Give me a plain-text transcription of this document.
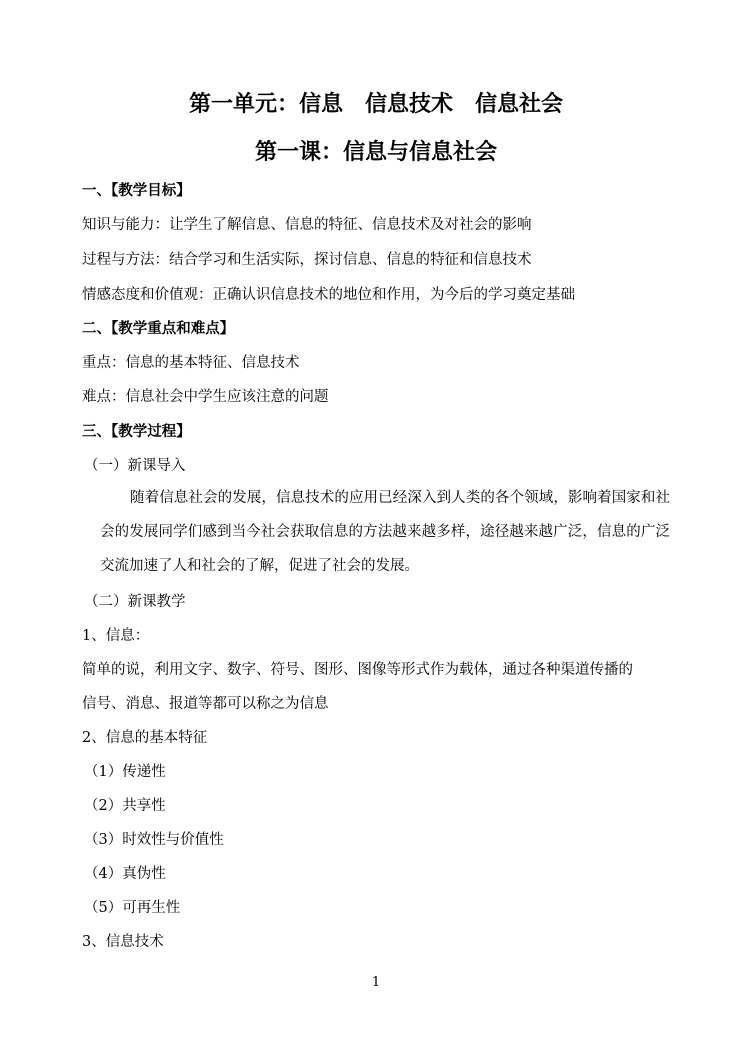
第一单元：信息　信息技术　信息社会
第一课：信息与信息社会
一、【教学目标】
知识与能力：让学生了解信息、信息的特征、信息技术及对社会的影响
过程与方法：结合学习和生活实际，探讨信息、信息的特征和信息技术
情感态度和价值观：正确认识信息技术的地位和作用，为今后的学习奠定基础
二、【教学重点和难点】
重点：信息的基本特征、信息技术
难点：信息社会中学生应该注意的问题
三、【教学过程】
（一）新课导入
随着信息社会的发展，信息技术的应用已经深入到人类的各个领域，影响着国家和社会的发展同学们感到当今社会获取信息的方法越来越多样，途径越来越广泛，信息的广泛交流加速了人和社会的了解，促进了社会的发展。
（二）新课教学
1、信息：
简单的说，利用文字、数字、符号、图形、图像等形式作为载体，通过各种渠道传播的
信号、消息、报道等都可以称之为信息
2、信息的基本特征
（1）传递性
（2）共享性
（3）时效性与价值性
（4）真伪性
（5）可再生性
3、信息技术
1
